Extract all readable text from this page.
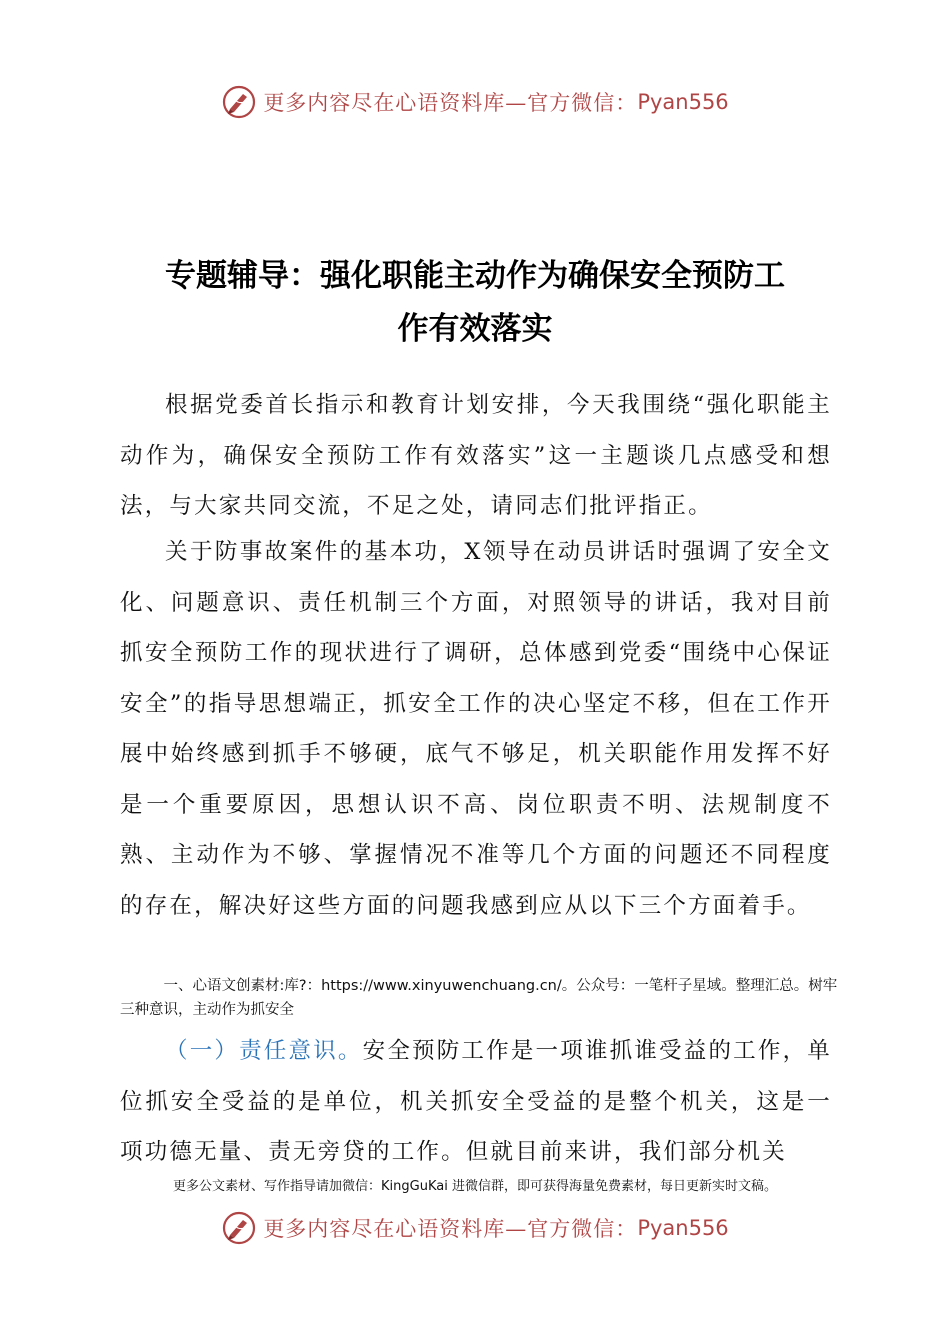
更多内容尽在心语资料库—官方微信： Pyan556
专题辅导：强化职能主动作为确保安全预防工
作有效落实

根据党委首长指示和教育计划安排，今天我围绕“强化职能主动作为，确保安全预防工作有效落实”这一主题谈几点感受和想法，与大家共同交流，不足之处，请同志们批评指正。

关于防事故案件的基本功，X领导在动员讲话时强调了安全文化、问题意识、责任机制三个方面，对照领导的讲话，我对目前抓安全预防工作的现状进行了调研，总体感到党委“围绕中心保证安全”的指导思想端正，抓安全工作的决心坚定不移，但在工作开展中始终感到抓手不够硬，底气不够足，机关职能作用发挥不好是一个重要原因，思想认识不高、岗位职责不明、法规制度不熟、主动作为不够、掌握情况不准等几个方面的问题还不同程度的存在，解决好这些方面的问题我感到应从以下三个方面着手。

一、心语文创素材:库?：https://www.xinyuwenchuang.cn/。公众号：一笔杆子星域。整理汇总。树牢三种意识，主动作为抓安全

（一）责任意识。安全预防工作是一项谁抓谁受益的工作，单位抓安全受益的是单位，机关抓安全受益的是整个机关，这是一项功德无量、责无旁贷的工作。但就目前来讲，我们部分机关

更多公文素材、写作指导请加微信：KingGuKai 进微信群，即可获得海量免费素材，每日更新实时文稿。

更多内容尽在心语资料库—官方微信： Pyan556
